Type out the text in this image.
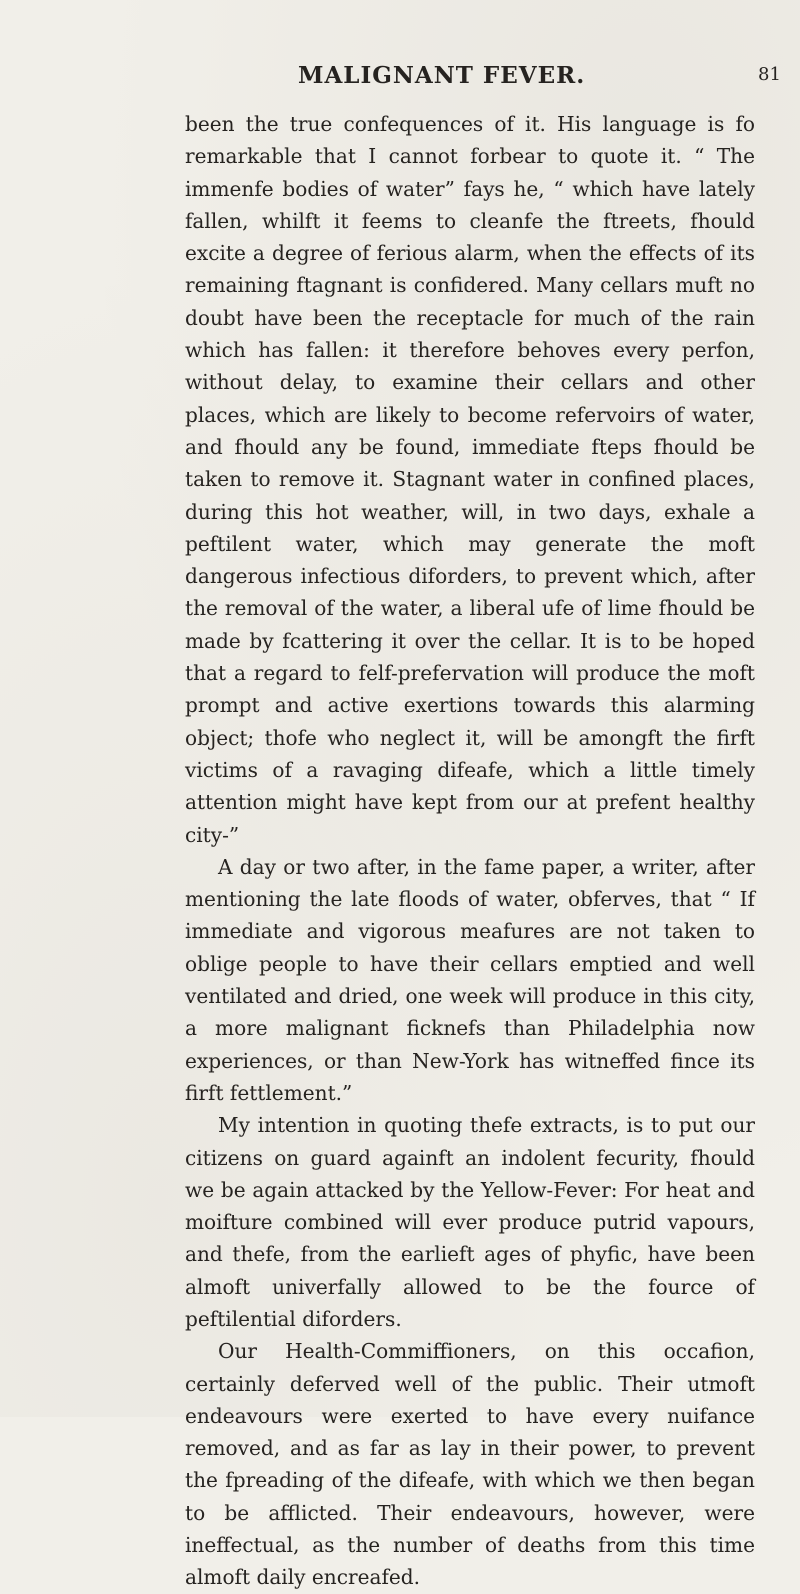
MALIGNANT FEVER.	81

been the true confequences of it. His language is fo remarkable that I cannot forbear to quote it. “ The immenfe bodies of water” fays he, “ which have lately fallen, whilft it feems to cleanfe the ftreets, fhould excite a degree of ferious alarm, when the effects of its remaining ftagnant is confidered. Many cellars muft no doubt have been the receptacle for much of the rain which has fallen: it therefore behoves every perfon, without delay, to examine their cellars and other places, which are likely to become refervoirs of water, and fhould any be found, immediate fteps fhould be taken to remove it. Stagnant water in confined places, during this hot weather, will, in two days, exhale a peftilent water, which may generate the moft dangerous infectious diforders, to prevent which, after the removal of the water, a liberal ufe of lime fhould be made by fcattering it over the cellar. It is to be hoped that a regard to felf-prefervation will produce the moft prompt and active exertions towards this alarming object; thofe who neglect it, will be amongft the firft victims of a ravaging difeafe, which a little timely attention might have kept from our at prefent healthy city-”

A day or two after, in the fame paper, a writer, after mentioning the late floods of water, obferves, that “ If immediate and vigorous meafures are not taken to oblige people to have their cellars emptied and well ventilated and dried, one week will produce in this city, a more malignant ficknefs than Philadelphia now experiences, or than New-York has witneffed fince its firft fettlement.”

My intention in quoting thefe extracts, is to put our citizens on guard againft an indolent fecurity, fhould we be again attacked by the Yellow-Fever: For heat and moifture combined will ever produce putrid vapours, and thefe, from the earlieft ages of phyfic, have been almoft univerfally allowed to be the fource of peftilential diforders.

Our Health-Commiffioners, on this occafion, certainly deferved well of the public. Their utmoft endeavours were exerted to have every nuifance removed, and as far as lay in their power, to prevent the fpreading of the difeafe, with which we then began to be afflicted. Their endeavours, however, were ineffectual, as the number of deaths from this time almoft daily encreafed.
